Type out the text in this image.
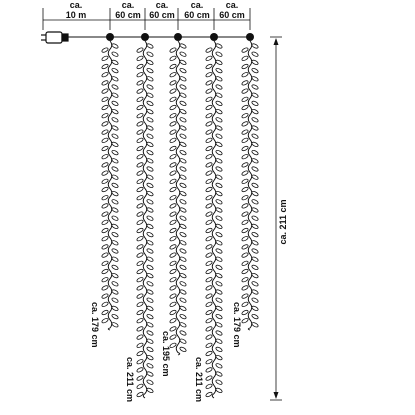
ca.
10 m
ca.
60 cm
ca.
60 cm
ca.
60 cm
ca.
60 cm
ca. 211 cm
ca. 179 cm
ca. 211 cm
ca. 195 cm
ca. 211 cm
ca. 179 cm
